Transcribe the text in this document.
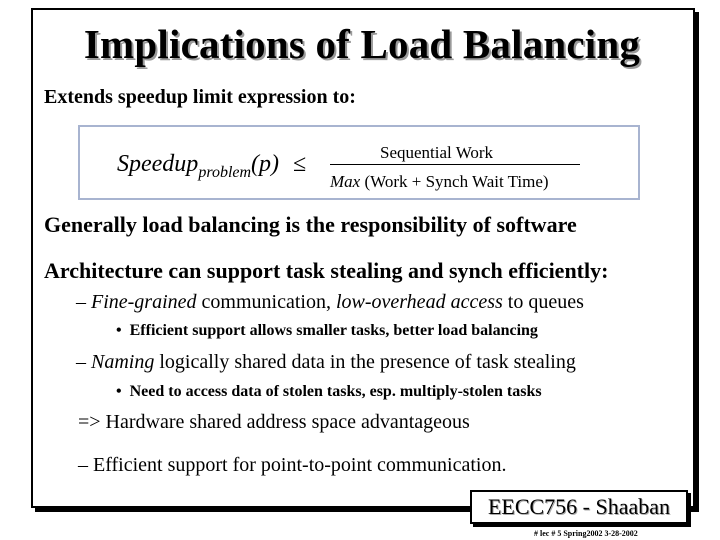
Implications of Load Balancing
Extends speedup limit expression to:
Speedup$_{problem}$(p) ≤	Sequential Work
Max (Work + Synch Wait Time)
Generally load balancing is the responsibility of software
Architecture can support task stealing and synch efficiently:
– Fine-grained communication, low-overhead access to queues
• Efficient support allows smaller tasks, better load balancing
– Naming logically shared data in the presence of task stealing
• Need to access data of stolen tasks, esp. multiply-stolen tasks
=> Hardware shared address space advantageous
– Efficient support for point-to-point communication.
EECC756 - Shaaban
# lec # 5 Spring2002 3-28-2002
